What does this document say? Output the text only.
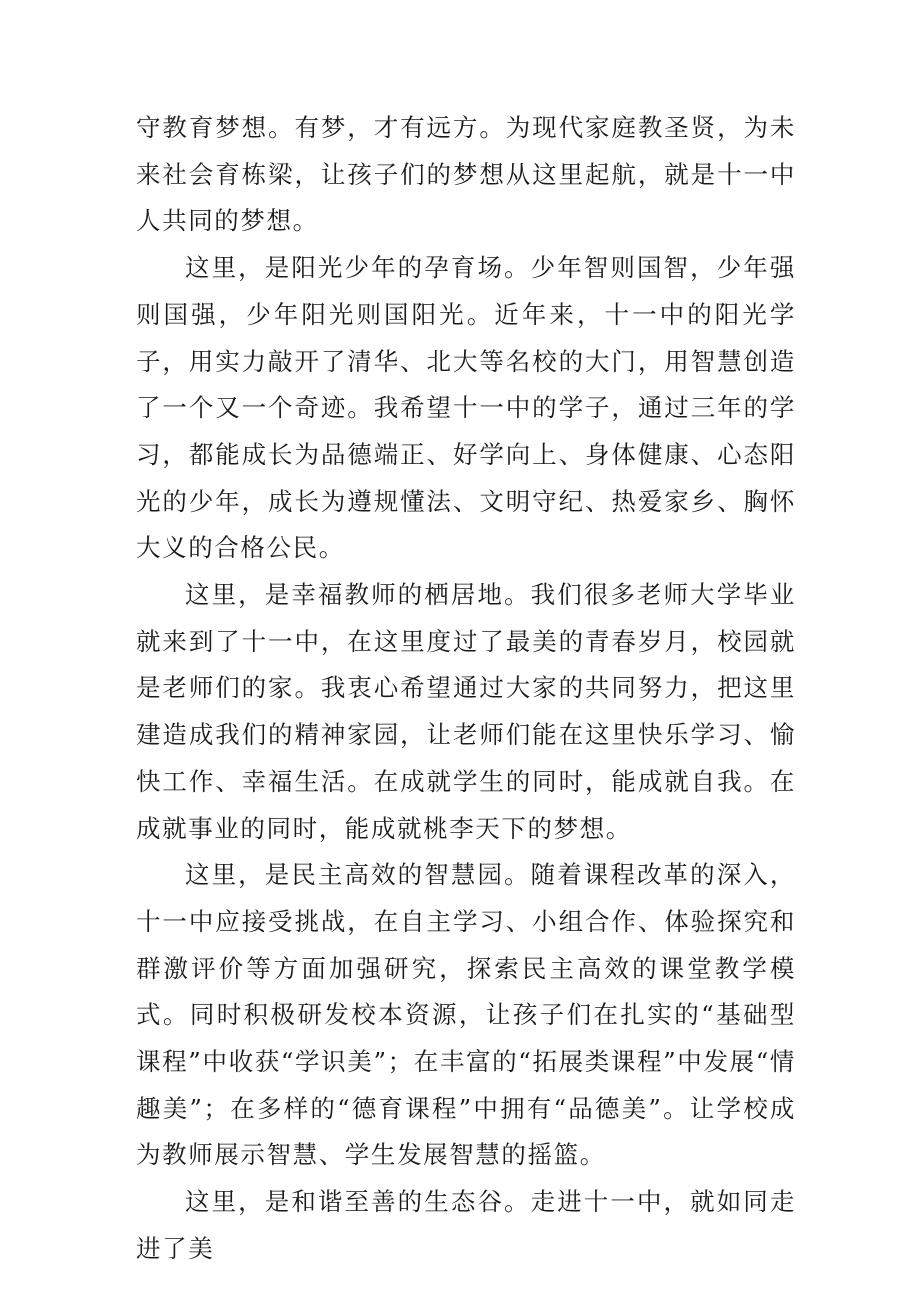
守教育梦想。有梦，才有远方。为现代家庭教圣贤，为未来社会育栋梁，让孩子们的梦想从这里起航，就是十一中人共同的梦想。

这里，是阳光少年的孕育场。少年智则国智，少年强则国强，少年阳光则国阳光。近年来，十一中的阳光学子，用实力敲开了清华、北大等名校的大门，用智慧创造了一个又一个奇迹。我希望十一中的学子，通过三年的学习，都能成长为品德端正、好学向上、身体健康、心态阳光的少年，成长为遵规懂法、文明守纪、热爱家乡、胸怀大义的合格公民。

这里，是幸福教师的栖居地。我们很多老师大学毕业就来到了十一中，在这里度过了最美的青春岁月，校园就是老师们的家。我衷心希望通过大家的共同努力，把这里建造成我们的精神家园，让老师们能在这里快乐学习、愉快工作、幸福生活。在成就学生的同时，能成就自我。在成就事业的同时，能成就桃李天下的梦想。

这里，是民主高效的智慧园。随着课程改革的深入，十一中应接受挑战，在自主学习、小组合作、体验探究和群激评价等方面加强研究，探索民主高效的课堂教学模式。同时积极研发校本资源，让孩子们在扎实的“基础型课程”中收获“学识美”；在丰富的“拓展类课程”中发展“情趣美”；在多样的“德育课程”中拥有“品德美”。让学校成为教师展示智慧、学生发展智慧的摇篮。

这里，是和谐至善的生态谷。走进十一中，就如同走进了美
